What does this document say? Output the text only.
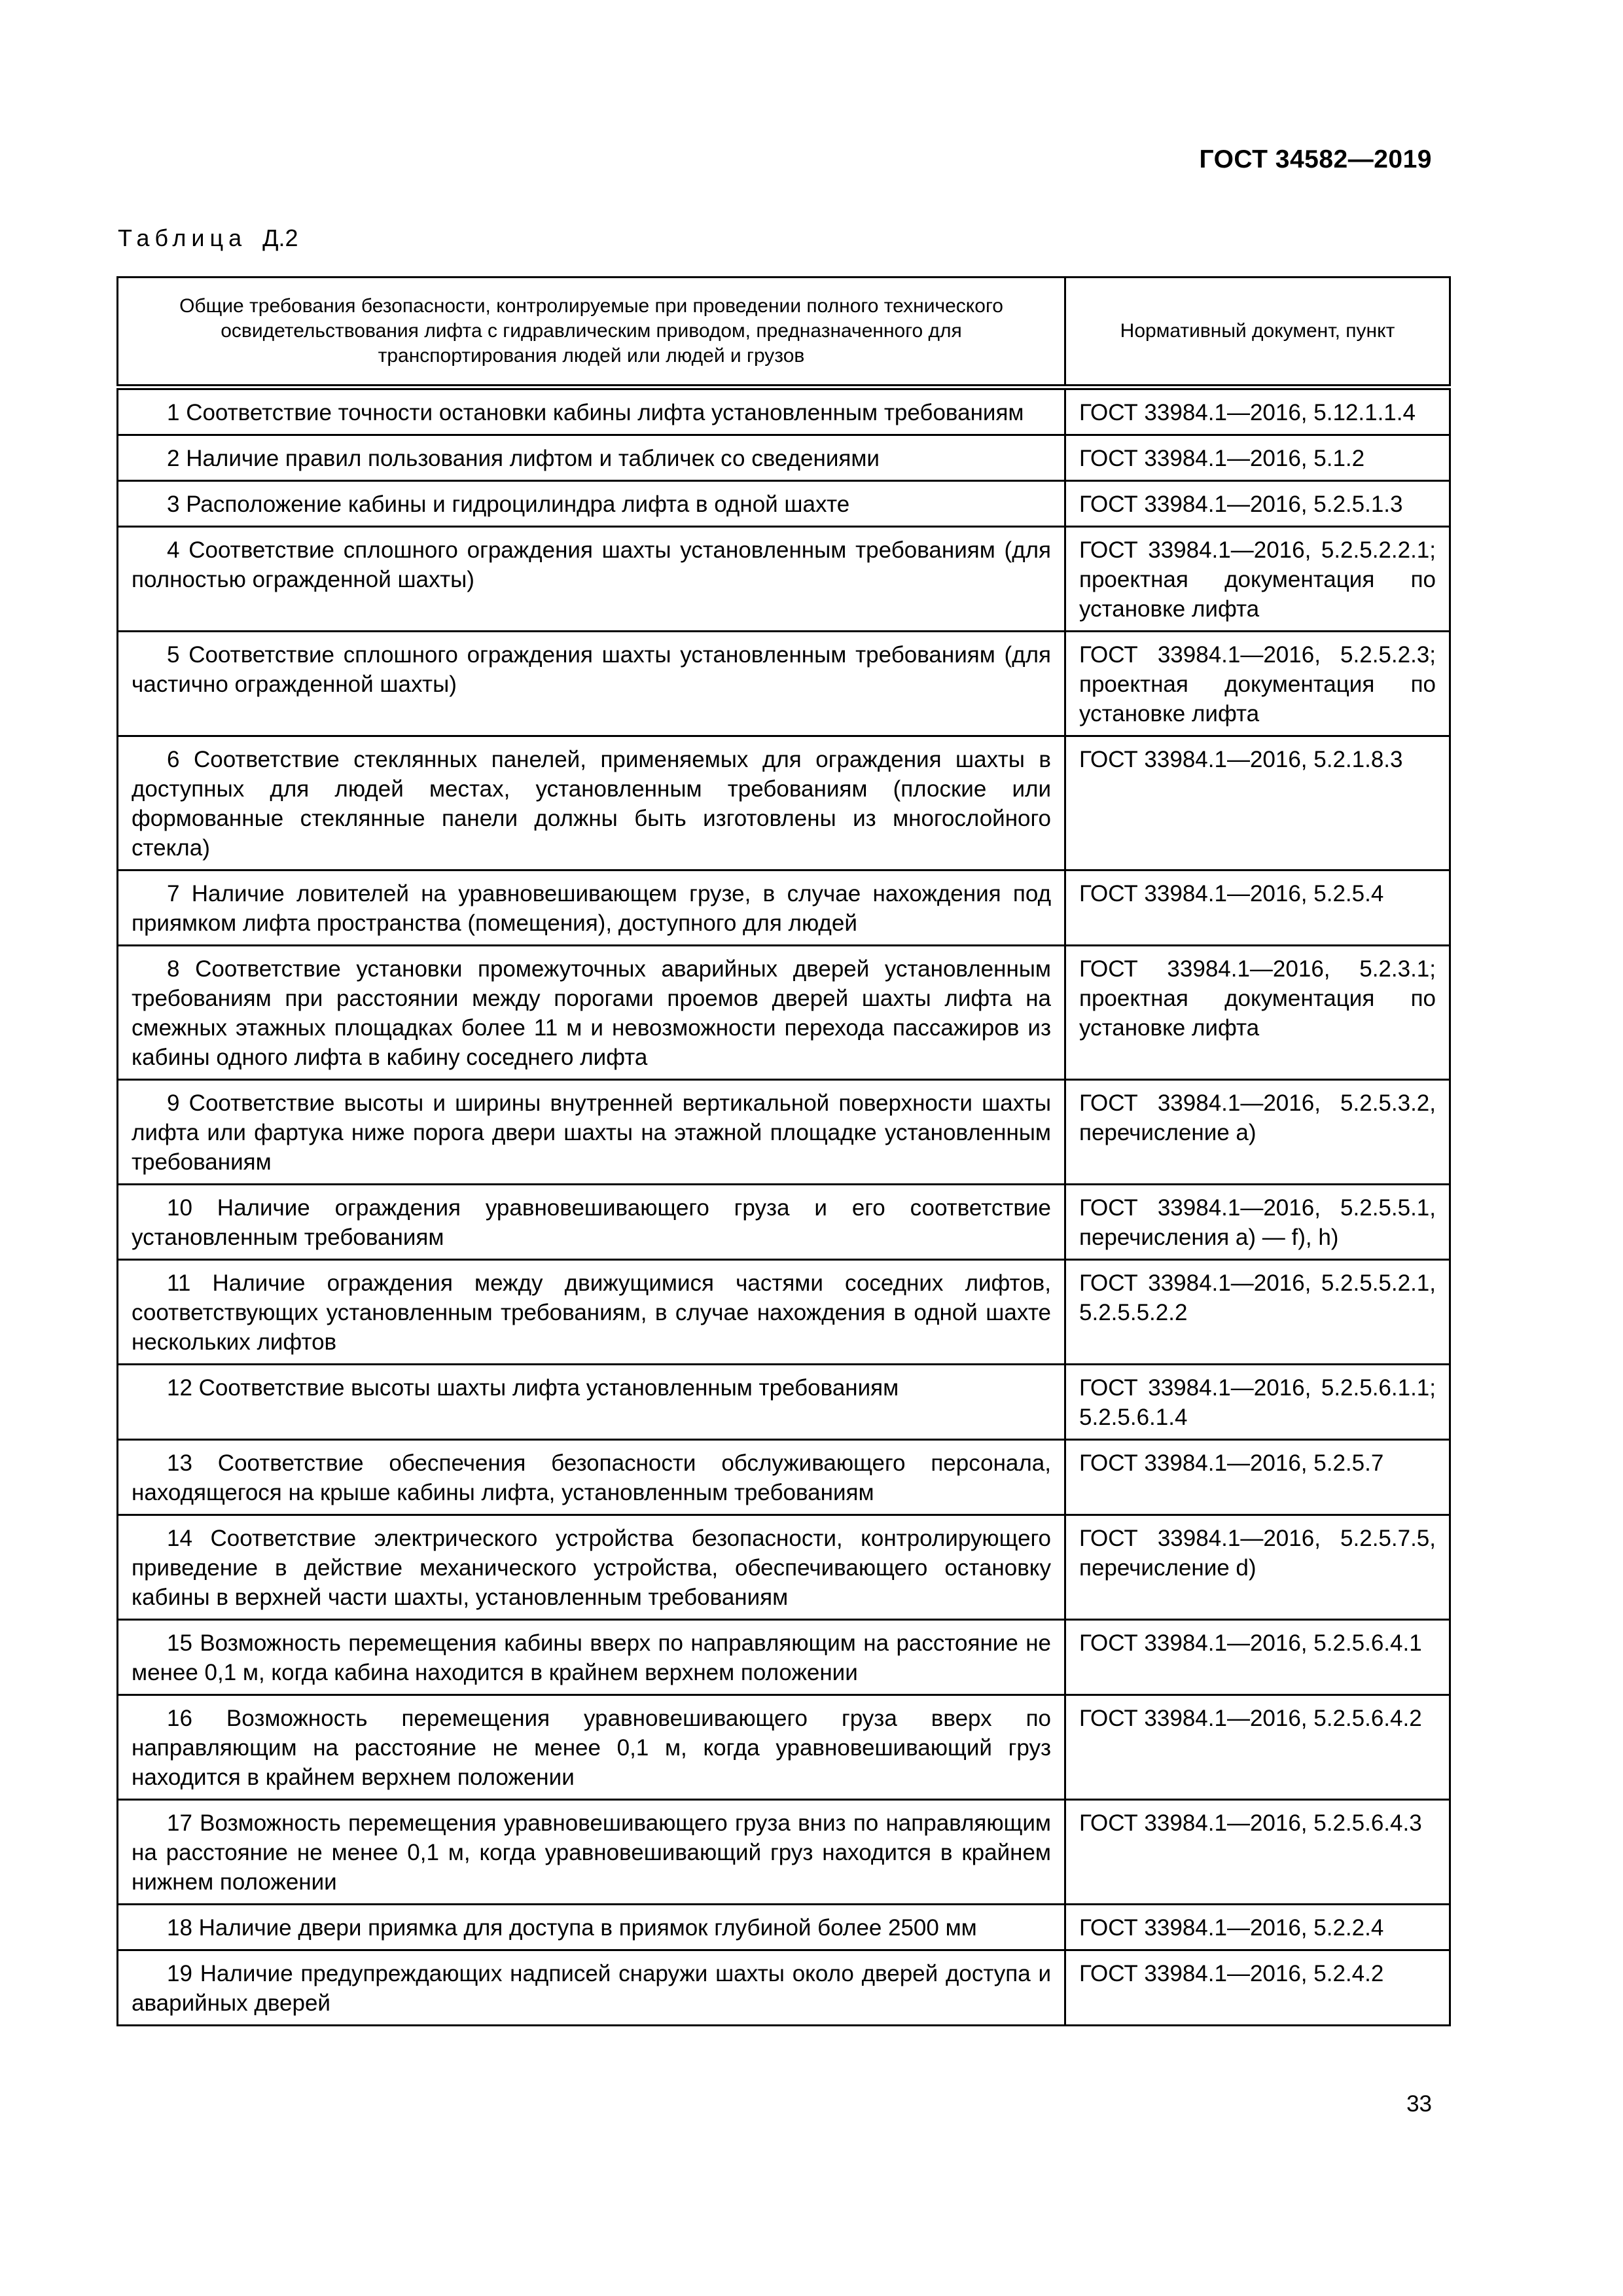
ГОСТ 34582—2019
Таблица Д.2
Общие требования безопасности, контролируемые при проведении полного технического освидетельствования лифта с гидравлическим приводом, предназначенного для транспортирования людей или людей и грузов	Нормативный документ, пункт
1 Соответствие точности остановки кабины лифта установленным требованиям	ГОСТ 33984.1—2016, 5.12.1.1.4
2 Наличие правил пользования лифтом и табличек со сведениями	ГОСТ 33984.1—2016, 5.1.2
3 Расположение кабины и гидроцилиндра лифта в одной шахте	ГОСТ 33984.1—2016, 5.2.5.1.3
4 Соответствие сплошного ограждения шахты установленным требованиям (для полностью огражденной шахты)	ГОСТ 33984.1—2016, 5.2.5.2.2.1; проектная документация по установке лифта
5 Соответствие сплошного ограждения шахты установленным требованиям (для частично огражденной шахты)	ГОСТ 33984.1—2016, 5.2.5.2.3; проектная документация по установке лифта
6 Соответствие стеклянных панелей, применяемых для ограждения шахты в доступных для людей местах, установленным требованиям (плоские или формованные стеклянные панели должны быть изготовлены из многослойного стекла)	ГОСТ 33984.1—2016, 5.2.1.8.3
7 Наличие ловителей на уравновешивающем грузе, в случае нахождения под приямком лифта пространства (помещения), доступного для людей	ГОСТ 33984.1—2016, 5.2.5.4
8 Соответствие установки промежуточных аварийных дверей установленным требованиям при расстоянии между порогами проемов дверей шахты лифта на смежных этажных площадках более 11 м и невозможности перехода пассажиров из кабины одного лифта в кабину соседнего лифта	ГОСТ 33984.1—2016, 5.2.3.1; проектная документация по установке лифта
9 Соответствие высоты и ширины внутренней вертикальной поверхности шахты лифта или фартука ниже порога двери шахты на этажной площадке установленным требованиям	ГОСТ 33984.1—2016, 5.2.5.3.2, перечисление а)
10 Наличие ограждения уравновешивающего груза и его соответствие установленным требованиям	ГОСТ 33984.1—2016, 5.2.5.5.1, перечисления а) — f), h)
11 Наличие ограждения между движущимися частями соседних лифтов, соответствующих установленным требованиям, в случае нахождения в одной шахте нескольких лифтов	ГОСТ 33984.1—2016, 5.2.5.5.2.1, 5.2.5.5.2.2
12 Соответствие высоты шахты лифта установленным требованиям	ГОСТ 33984.1—2016, 5.2.5.6.1.1; 5.2.5.6.1.4
13 Соответствие обеспечения безопасности обслуживающего персонала, находящегося на крыше кабины лифта, установленным требованиям	ГОСТ 33984.1—2016, 5.2.5.7
14 Соответствие электрического устройства безопасности, контролирующего приведение в действие механического устройства, обеспечивающего остановку кабины в верхней части шахты, установленным требованиям	ГОСТ 33984.1—2016, 5.2.5.7.5, перечисление d)
15 Возможность перемещения кабины вверх по направляющим на расстояние не менее 0,1 м, когда кабина находится в крайнем верхнем положении	ГОСТ 33984.1—2016, 5.2.5.6.4.1
16 Возможность перемещения уравновешивающего груза вверх по направляющим на расстояние не менее 0,1 м, когда уравновешивающий груз находится в крайнем верхнем положении	ГОСТ 33984.1—2016, 5.2.5.6.4.2
17 Возможность перемещения уравновешивающего груза вниз по направляющим на расстояние не менее 0,1 м, когда уравновешивающий груз находится в крайнем нижнем положении	ГОСТ 33984.1—2016, 5.2.5.6.4.3
18 Наличие двери приямка для доступа в приямок глубиной более 2500 мм	ГОСТ 33984.1—2016, 5.2.2.4
19 Наличие предупреждающих надписей снаружи шахты около дверей доступа и аварийных дверей	ГОСТ 33984.1—2016, 5.2.4.2
33
